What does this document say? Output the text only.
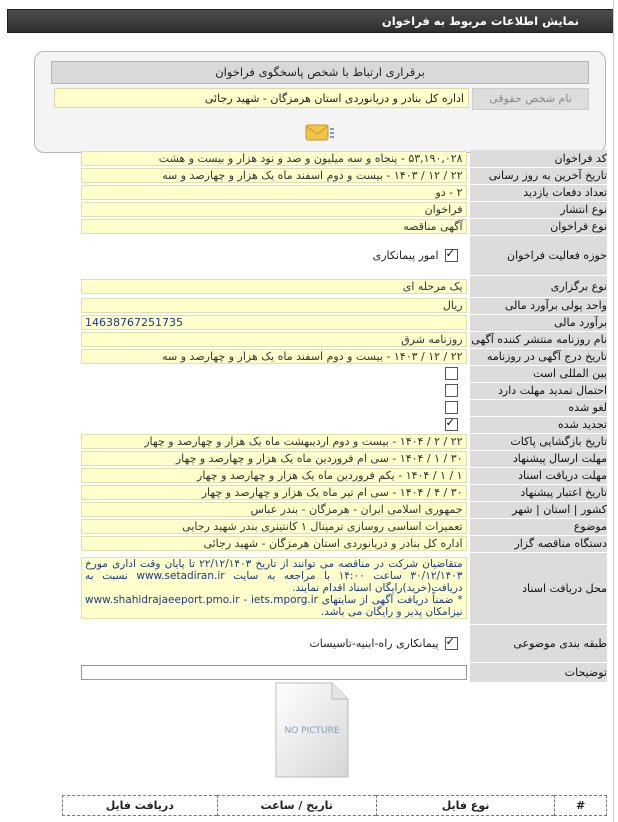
نمایش اطلاعات مربوط به فراخوان
برقراری ارتباط با شخص پاسخگوی فراخوان
نام شخص حقوقی
اداره کل بنادر و دریانوردی استان هرمزگان - شهید رجائی
۵۳,۱۹۰,۰۲۸ - پنجاه و سه میلیون و صد و نود هزار و بیست و هشت	کد فراخوان

۲۲ / ۱۲ / ۱۴۰۳ - بیست و دوم اسفند ماه یک هزار و چهارصد و سه	تاریخ آخرین به روز رسانی

۲ - دو	تعداد دفعات بازدید

فراخوان	نوع انتشار

آگهی مناقصه	نوع فراخوان
✓امور پیمانکاری	حوزه فعالیت فراخوان

یک مرحله ای	نوع برگزاری

ریال	واحد پولی برآورد مالی

14638767251735	برآورد مالی

روزنامه شرق	نام روزنامه منتشر کننده آگهی

۲۲ / ۱۲ / ۱۴۰۳ - بیست و دوم اسفند ماه یک هزار و چهارصد و سه	تاریخ درج آگهی در روزنامه
	بین المللی است
	احتمال تمدید مهلت دارد
	لغو شده
✓	تجدید شده

۲۲ / ۲ / ۱۴۰۴ - بیست و دوم اردیبهشت ماه یک هزار و چهارصد و چهار	تاریخ بازگشایی پاکات

۳۰ / ۱ / ۱۴۰۴ - سی ام فروردین ماه یک هزار و چهارصد و چهار	مهلت ارسال پیشنهاد

۱ / ۱ / ۱۴۰۴ - یکم فروردین ماه یک هزار و چهارصد و چهار	مهلت دریافت اسناد

۳۰ / ۴ / ۱۴۰۴ - سی ام تیر ماه یک هزار و چهارصد و چهار	تاریخ اعتبار پیشنهاد

جمهوری اسلامی ایران - هرمزگان - بندر عباس	کشور | استان | شهر

تعمیرات اساسی روسازی ترمینال ۱ کانتینری بندر شهید رجایی	موضوع

اداره کل بنادر و دریانوردی استان هرمزگان - شهید رجائی	دستگاه مناقصه گزار

متقاضیان شرکت در مناقصه می توانند از تاریخ ۲۲/۱۲/۱۴۰۳ تا پایان وقت اداری مورخ ۳۰/۱۲/۱۴۰۳ ساعت ۱۴:۰۰ با مراجعه به سایت www.setadiran.ir نسبت به دریافت(خرید)رایگان اسناد اقدام نمایند.
* ضمناً دریافت آگهی از سایتهای www.shahidrajaeeport.pmo.ir - iets.mporg.ir نیزامکان پذیر و رایگان می باشد.	محل دریافت اسناد
✓پیمانکاری راه-ابنیه-تاسیسات	طبقه بندی موضوعی

	توضیحات
NO PICTURE
#	نوع فایل	تاریخ / ساعت	دریافت فایل
